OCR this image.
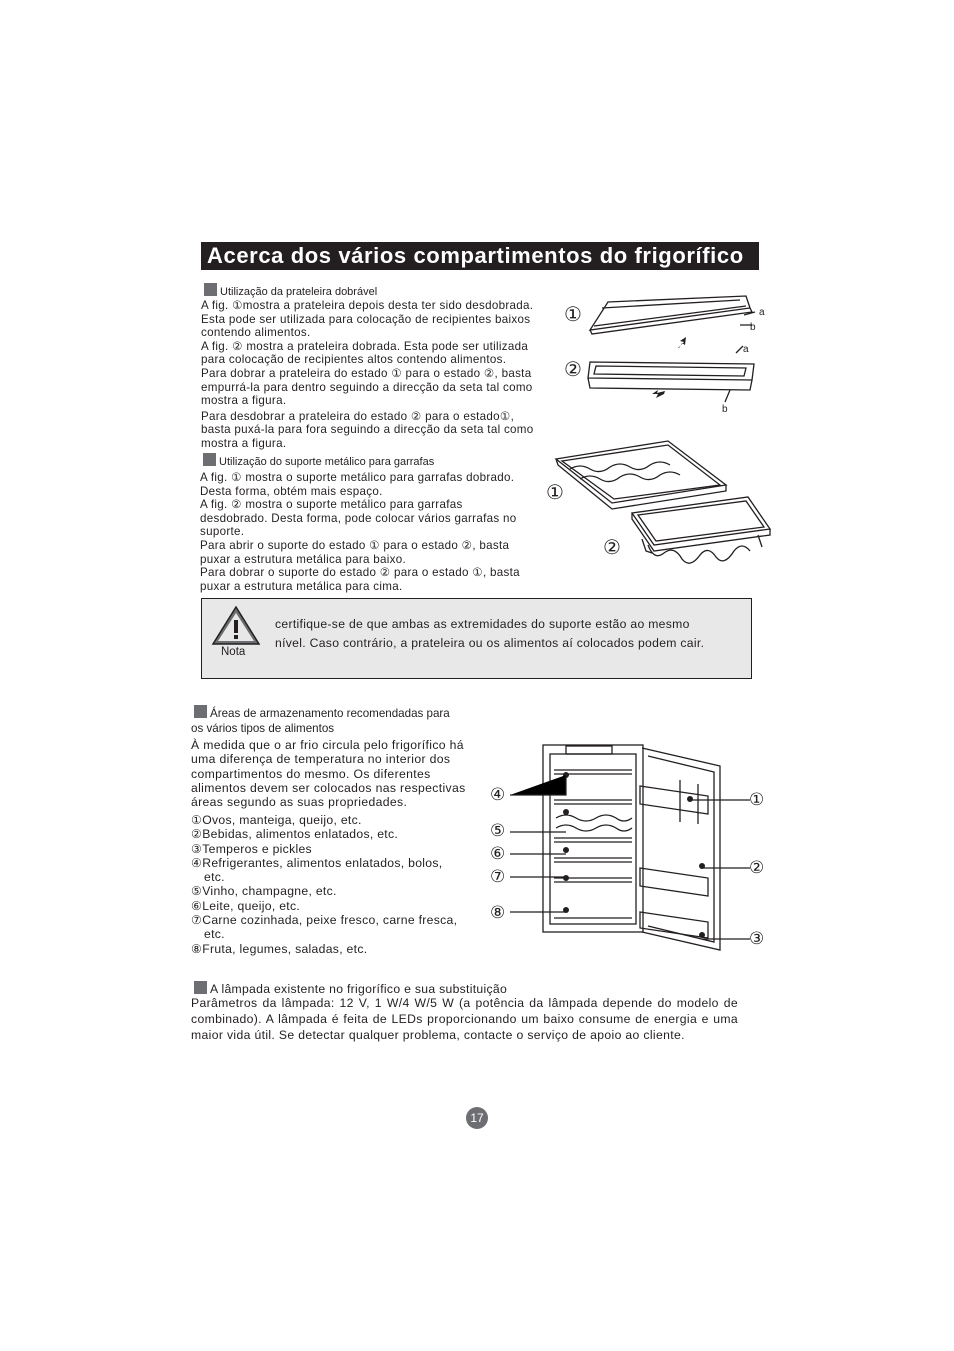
Acerca dos vários compartimentos do frigorífico
Utilização da prateleira dobrável

A fig. ①mostra a prateleira depois desta ter sido desdobrada.

Esta pode ser utilizada para colocação de recipientes baixos

contendo alimentos.

A fig. ② mostra a prateleira dobrada. Esta pode ser utilizada

para colocação de recipientes altos contendo alimentos.

Para dobrar a prateleira do estado ① para o estado ②, basta

empurrá-la para dentro seguindo a direcção da seta tal como

mostra a figura.

Para desdobrar a prateleira do estado ② para o estado①,

basta puxá-la para fora seguindo a direcção da seta tal como

mostra a figura.

a
b
a
b
①
②
Utilização do suporte metálico para garrafas

A fig. ① mostra o suporte metálico para garrafas dobrado.

Desta forma, obtém mais espaço.

A fig. ② mostra o suporte metálico para garrafas

desdobrado. Desta forma, pode colocar vários garrafas no

suporte.

Para abrir o suporte do estado ① para o estado ②, basta

puxar a estrutura metálica para baixo.

Para dobrar o suporte do estado ② para o estado ①, basta

puxar a estrutura metálica para cima.

①
②
Nota

certifique-se de que ambas as extremidades do suporte estão ao mesmo

nível. Caso contrário, a prateleira ou os alimentos aí colocados podem cair.

Áreas de armazenamento recomendadas para
os vários tipos de alimentos

À medida que o ar frio circula pelo frigorífico há

uma diferença de temperatura no interior dos

compartimentos do mesmo. Os diferentes

alimentos devem ser colocados nas respectivas

áreas segundo as suas propriedades.

①Ovos, manteiga, queijo, etc.

②Bebidas, alimentos enlatados, etc.

③Temperos e pickles

④Refrigerantes, alimentos enlatados, bolos,

etc.

⑤Vinho, champagne, etc.

⑥Leite, queijo, etc.

⑦Carne cozinhada, peixe fresco, carne fresca,

etc.

⑧Fruta, legumes, saladas, etc.

④
⑤
⑥
⑦
⑧
①
②
③
A lâmpada existente no frigorífico e sua substituição

Parâmetros da lâmpada: 12 V, 1 W/4 W/5 W (a potência da lâmpada depende do modelo de combinado). A lâmpada é feita de LEDs proporcionando um baixo consume de energia e uma maior vida útil. Se detectar qualquer problema, contacte o serviço de apoio ao cliente.

17
